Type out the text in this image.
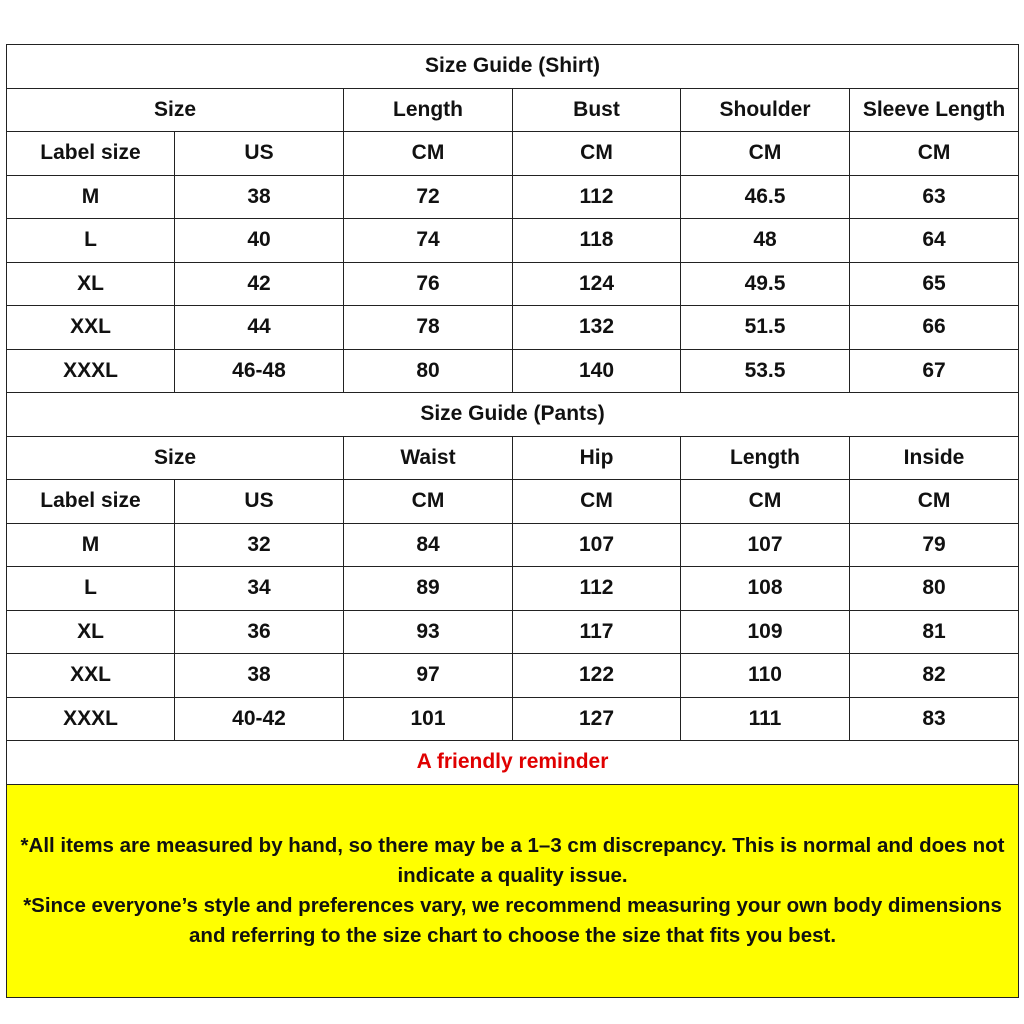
Size Guide (Shirt)					
Size		Length	Bust	Shoulder	Sleeve Length
Label size	US	CM	CM	CM	CM
M	38	72	112	46.5	63
L	40	74	118	48	64
XL	42	76	124	49.5	65
XXL	44	78	132	51.5	66
XXXL	46-48	80	140	53.5	67
Size Guide (Pants)					
Size		Waist	Hip	Length	Inside
Label size	US	CM	CM	CM	CM
M	32	84	107	107	79
L	34	89	112	108	80
XL	36	93	117	109	81
XXL	38	97	122	110	82
XXXL	40-42	101	127	111	83
A friendly reminder					

*All items are measured by hand, so there may be a 1–3 cm discrepancy. This is normal and does not indicate a quality issue.
*Since everyone’s style and preferences vary, we recommend measuring your own body dimensions and referring to the size chart to choose the size that fits you best.					
